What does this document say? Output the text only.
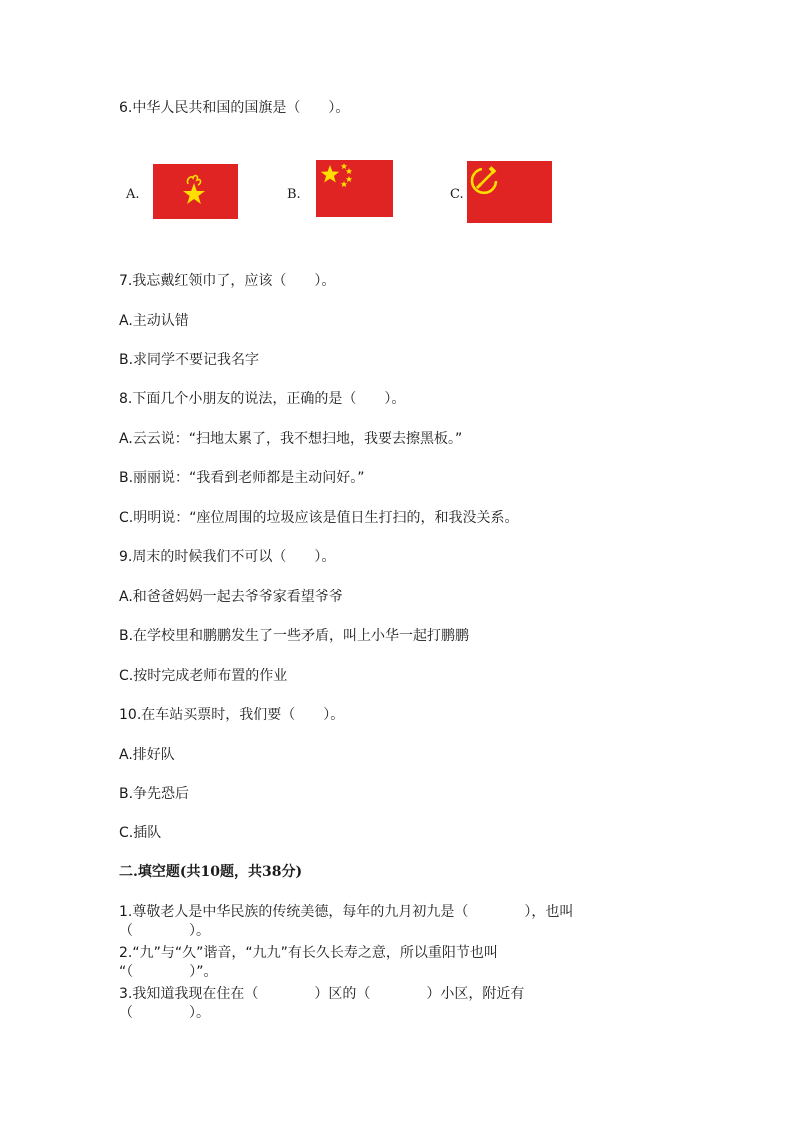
6.中华人民共和国的国旗是（　　）。
A.	B.	C.
7.我忘戴红领巾了，应该（　　）。
A.主动认错
B.求同学不要记我名字
8.下面几个小朋友的说法，正确的是（　　）。
A.云云说：“扫地太累了，我不想扫地，我要去擦黑板。”
B.丽丽说：“我看到老师都是主动问好。”
C.明明说：“座位周围的垃圾应该是值日生打扫的，和我没关系。
9.周末的时候我们不可以（　　）。
A.和爸爸妈妈一起去爷爷家看望爷爷
B.在学校里和鹏鹏发生了一些矛盾，叫上小华一起打鹏鹏
C.按时完成老师布置的作业
10.在车站买票时，我们要（　　）。
A.排好队
B.争先恐后
C.插队
二.填空题(共10题，共38分)
1.尊敬老人是中华民族的传统美德，每年的九月初九是（　　　　），也叫
（　　　　）。
2.“九”与“久”谐音，“九九”有长久长寿之意，所以重阳节也叫
“（　　　　）”。
3.我知道我现在住在（　　　　）区的（　　　　）小区，附近有
（　　　　）。
